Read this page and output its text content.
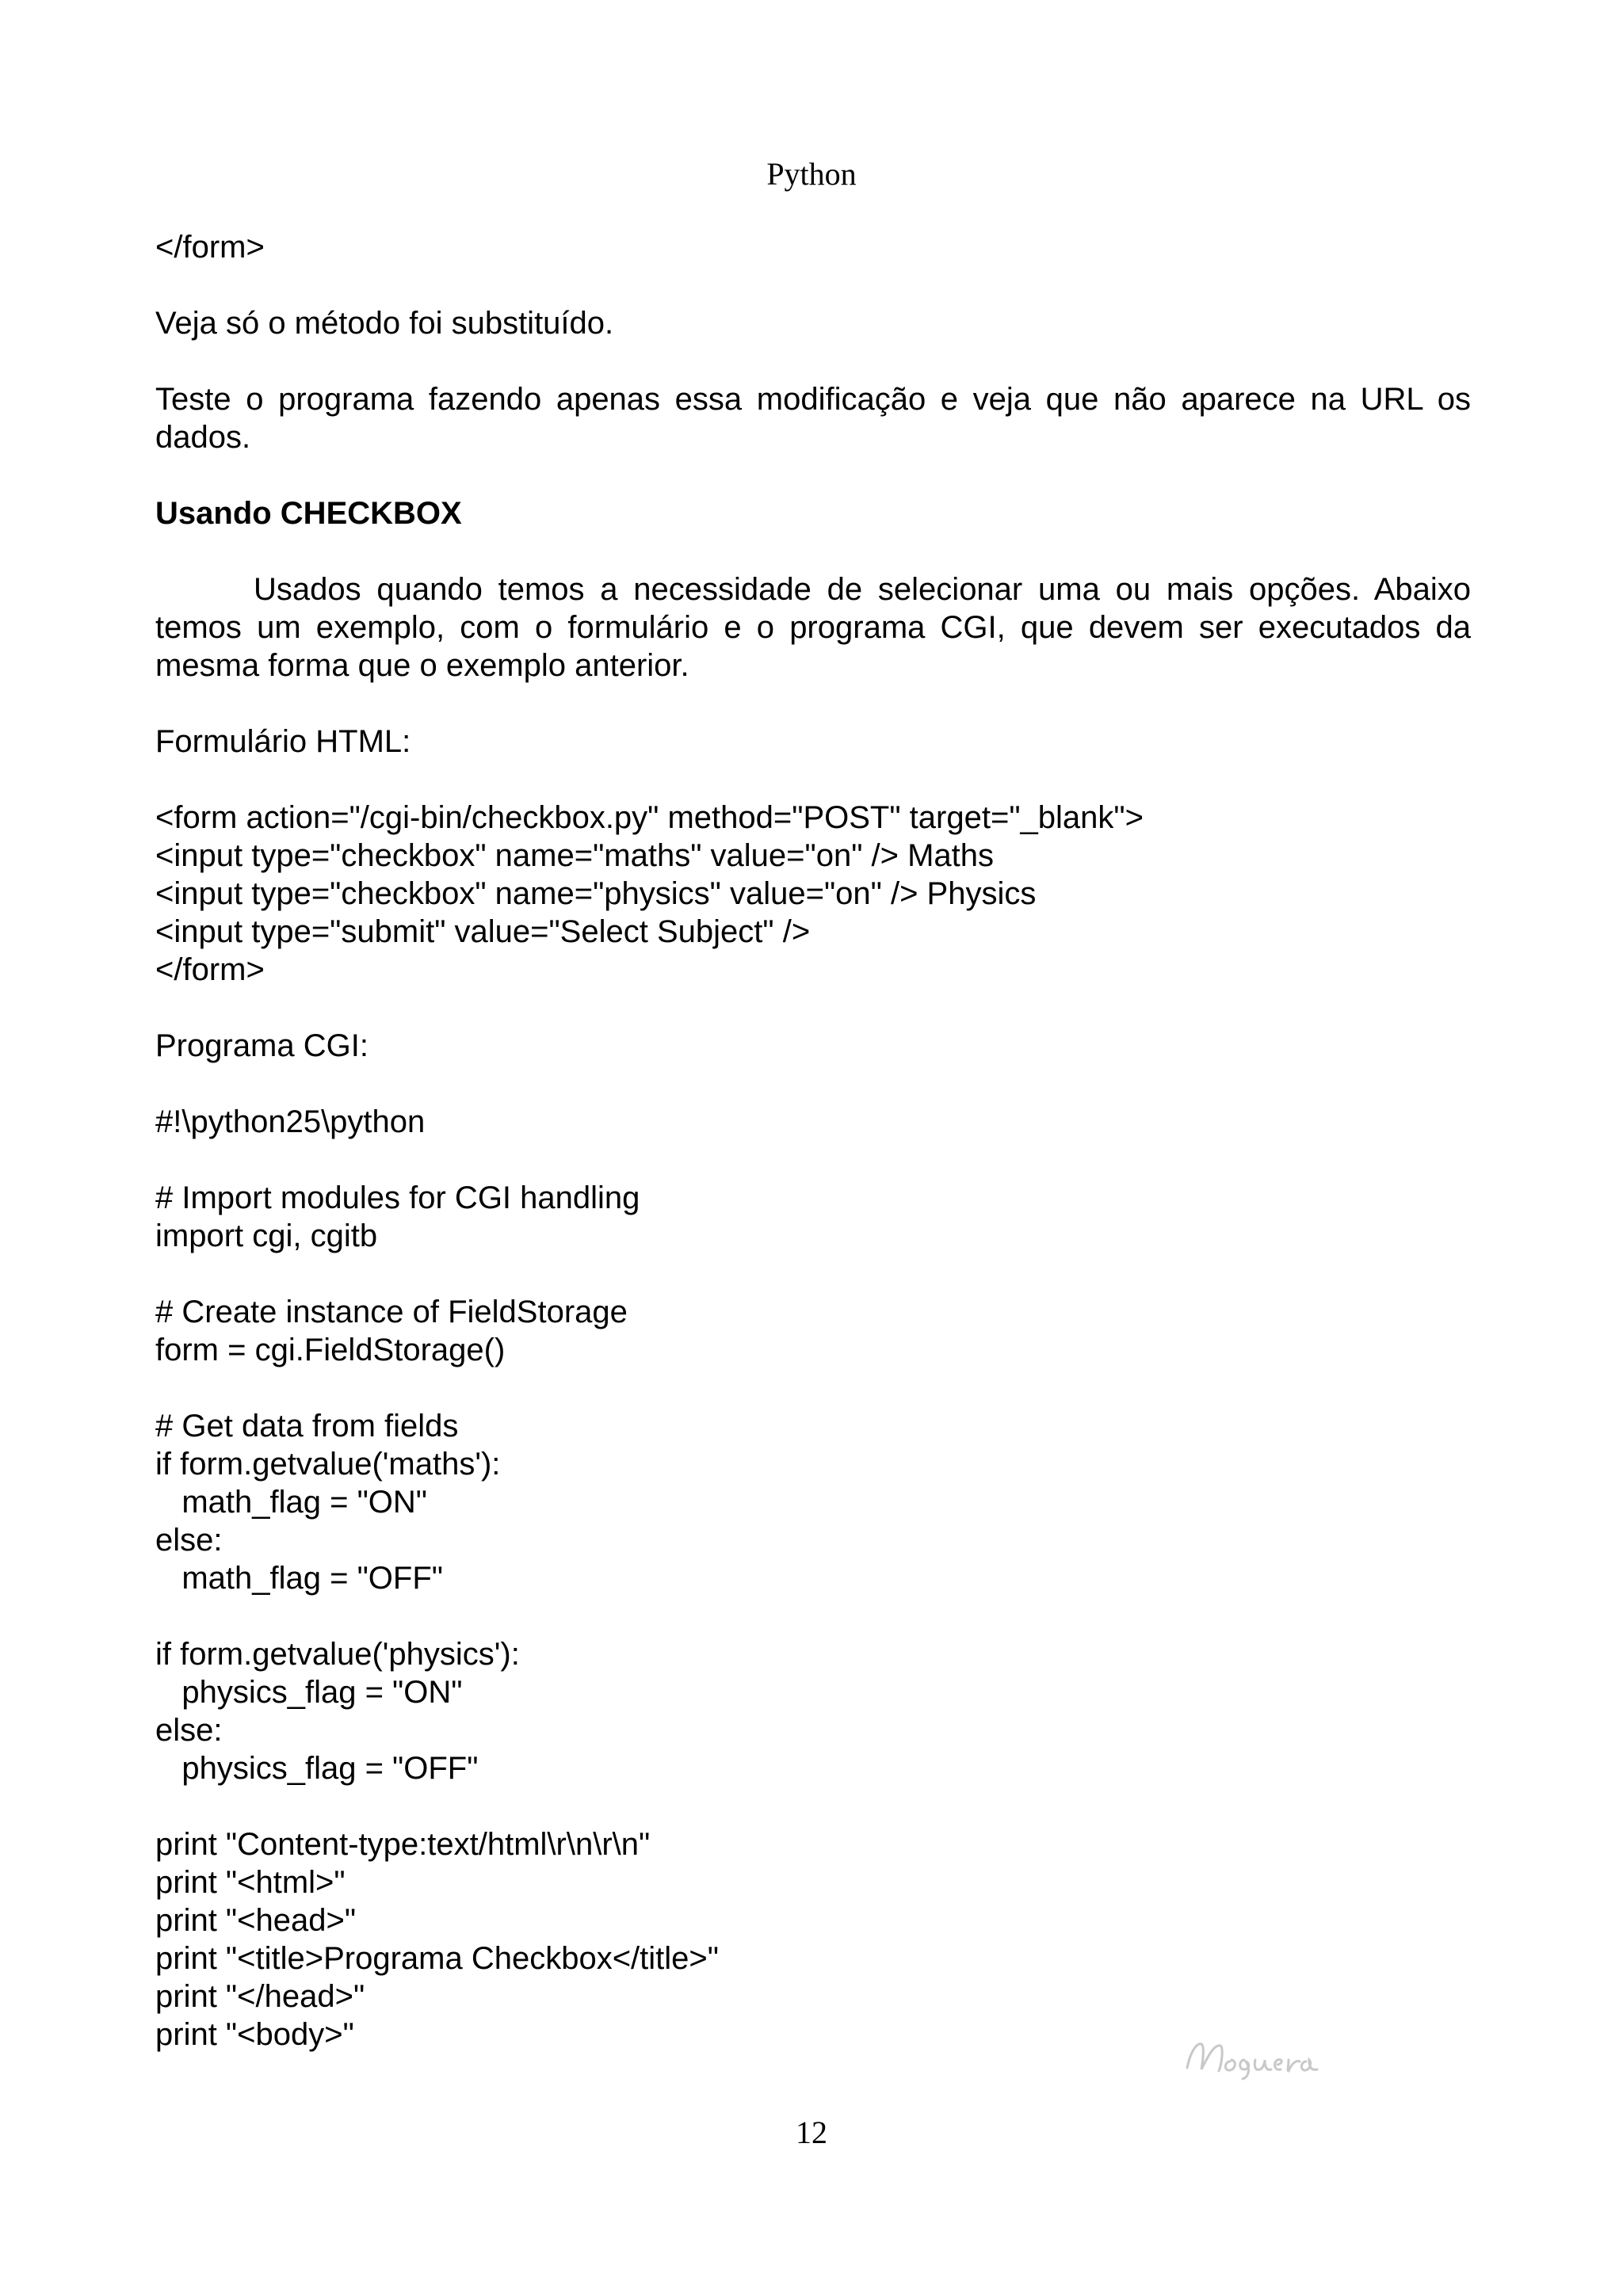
Python

</form>

Veja só o método foi substituído.

Teste o programa fazendo apenas essa modificação e veja que não aparece na URL os dados.

Usando CHECKBOX

Usados quando temos a necessidade de selecionar uma ou mais opções. Abaixo temos um exemplo, com o formulário e o programa CGI, que devem ser executados da mesma forma que o exemplo anterior.

Formulário HTML:

<form action="/cgi-bin/checkbox.py" method="POST" target="_blank">
<input type="checkbox" name="maths" value="on" /> Maths
<input type="checkbox" name="physics" value="on" /> Physics
<input type="submit" value="Select Subject" />
</form>

Programa CGI:

#!\python25\python

# Import modules for CGI handling
import cgi, cgitb
# Create instance of FieldStorage
form = cgi.FieldStorage()
# Get data from fields
if form.getvalue('maths'):
math_flag = "ON"
else:
math_flag = "OFF"
if form.getvalue('physics'):
physics_flag = "ON"
else:
physics_flag = "OFF"
print "Content-type:text/html\r\n\r\n"
print "<html>"
print "<head>"
print "<title>Programa Checkbox</title>"
print "</head>"
print "<body>"
12
